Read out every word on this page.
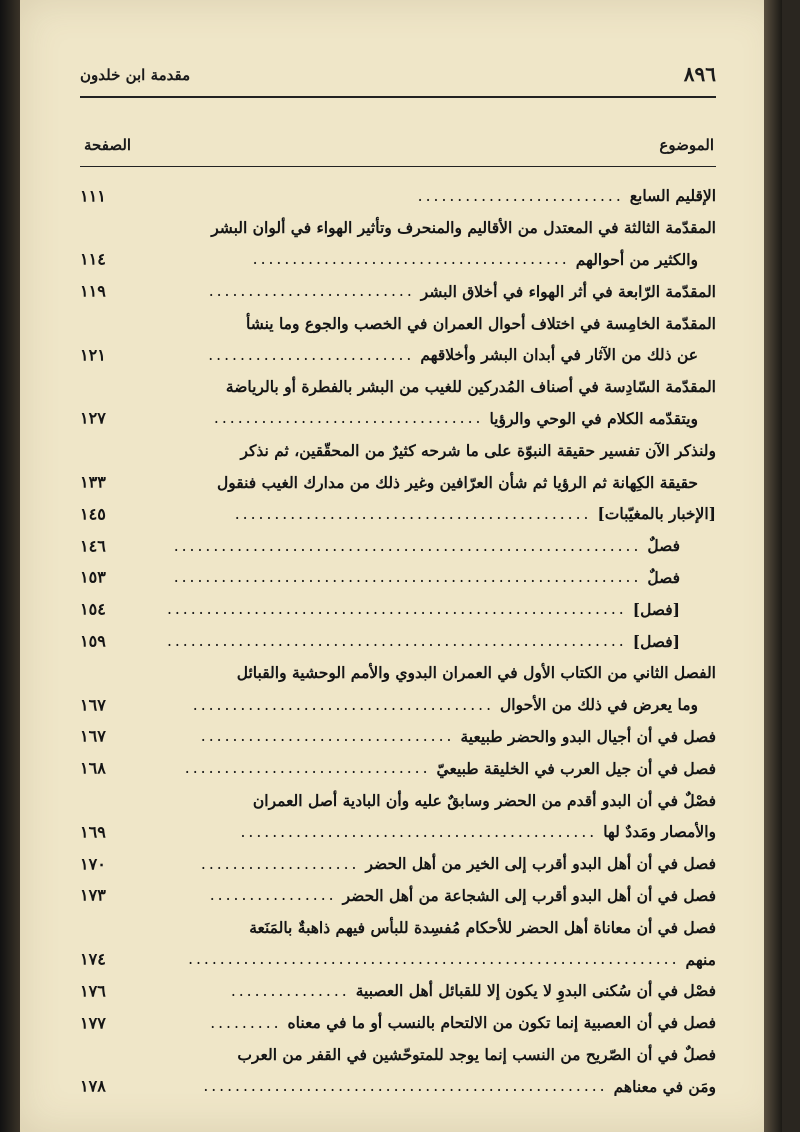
٨٩٦
مقدمة ابن خلدون
الموضوع
الصفحة
الإقليم السابع
..........................
١١١
المقدّمة الثالثة في المعتدل من الأقاليم والمنحرف وتأثير الهواء في ألوان البشر
والكثير من أحوالهم
........................................
١١٤
المقدّمة الرّابعة في أثر الهواء في أخلاق البشر
..........................
١١٩
المقدّمة الخامِسة في اختلاف أحوال العمران في الخصب والجوع وما ينشأ
عن ذلك من الآثار في أبدان البشر وأخلاقهم
..........................
١٢١
المقدّمة السّادِسة في أصناف المُدركين للغيب من البشر بالفطرة أو بالرياضة
ويتقدّمه الكلام في الوحي والرؤيا
..................................
١٢٧
ولنذكر الآن تفسير حقيقة النبوّة على ما شرحه كثيرٌ من المحقّقين، ثم نذكر
حقيقة الكِهانة ثم الرؤيا ثم شأن العرّافين وغير ذلك من مدارك الغيب فنقول
١٣٣
[الإخبار بالمغيّبات]
.............................................
١٤٥
فصلٌ
...........................................................
١٤٦
فصلٌ
...........................................................
١٥٣
[فصل]
..........................................................
١٥٤
[فصل]
..........................................................
١٥٩
الفصل الثاني من الكتاب الأول في العمران البدوي والأمم الوحشية والقبائل
وما يعرض في ذلك من الأحوال
......................................
١٦٧
فصل في أن أجيال البدو والحضر طبيعية
................................
١٦٧
فصل في أن جيل العرب في الخليقة طبيعيّ
...............................
١٦٨
فصْلٌ في أن البدو أقدم من الحضر وسابقٌ عليه وأن البادية أصل العمران
والأمصار ومَددٌ لها
.............................................
١٦٩
فصل في أن أهل البدو أقرب إلى الخير من أهل الحضر
....................
١٧٠
فصل في أن أهل البدو أقرب إلى الشجاعة من أهل الحضر
................
١٧٣
فصل في أن معاناة أهل الحضر للأحكام مُفسِدة للبأس فيهم ذاهبةٌ بالمَنَعة
منهم
..............................................................
١٧٤
فصْل في أن سُكنى البدوِ لا يكون إلا للقبائل أهل العصبية
...............
١٧٦
فصل في أن العصبية إنما تكون من الالتحام بالنسب أو ما في معناه
.........
١٧٧
فصلٌ في أن الصّريح من النسب إنما يوجد للمتوحّشين في القفر من العرب
ومَن في معناهم
...................................................
١٧٨
